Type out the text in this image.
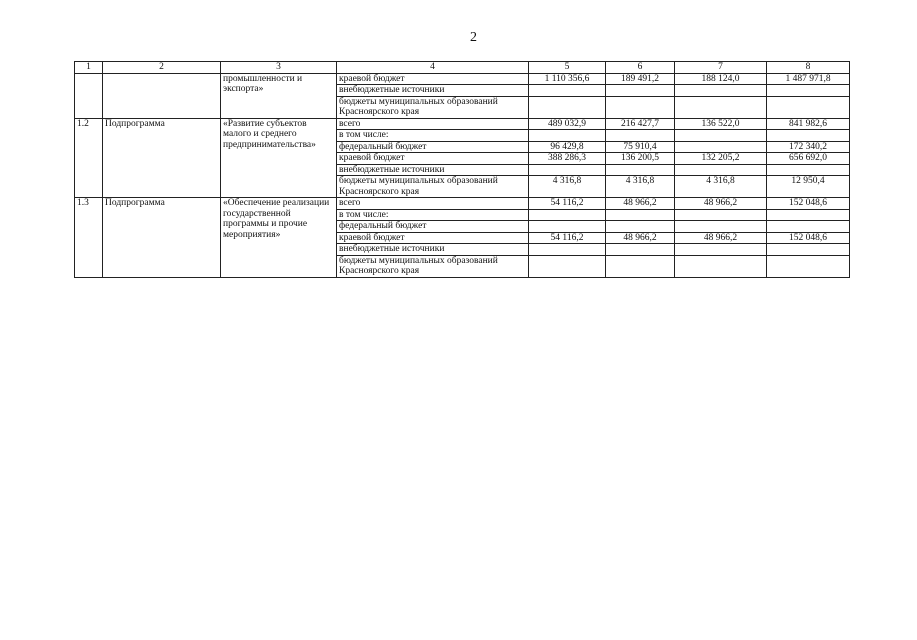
2
1	2	3	4	5	6	7	8
		промышленности и экспорта»	краевой бюджет	1 110 356,6	189 491,2	188 124,0	1 487 971,8
			внебюджетные источники				
			бюджеты муниципальных образований Красноярского края				
1.2	Подпрограмма	«Развитие субъектов малого и среднего предпринимательства»	всего	489 032,9	216 427,7	136 522,0	841 982,6
			в том числе:				
			федеральный бюджет	96 429,8	75 910,4		172 340,2
			краевой бюджет	388 286,3	136 200,5	132 205,2	656 692,0
			внебюджетные источники				
			бюджеты муниципальных образований Красноярского края	4 316,8	4 316,8	4 316,8	12 950,4
1.3	Подпрограмма	«Обеспечение реализации государственной программы и прочие мероприятия»	всего	54 116,2	48 966,2	48 966,2	152 048,6
			в том числе:				
			федеральный бюджет				
			краевой бюджет	54 116,2	48 966,2	48 966,2	152 048,6
			внебюджетные источники				
			бюджеты муниципальных образований Красноярского края				
